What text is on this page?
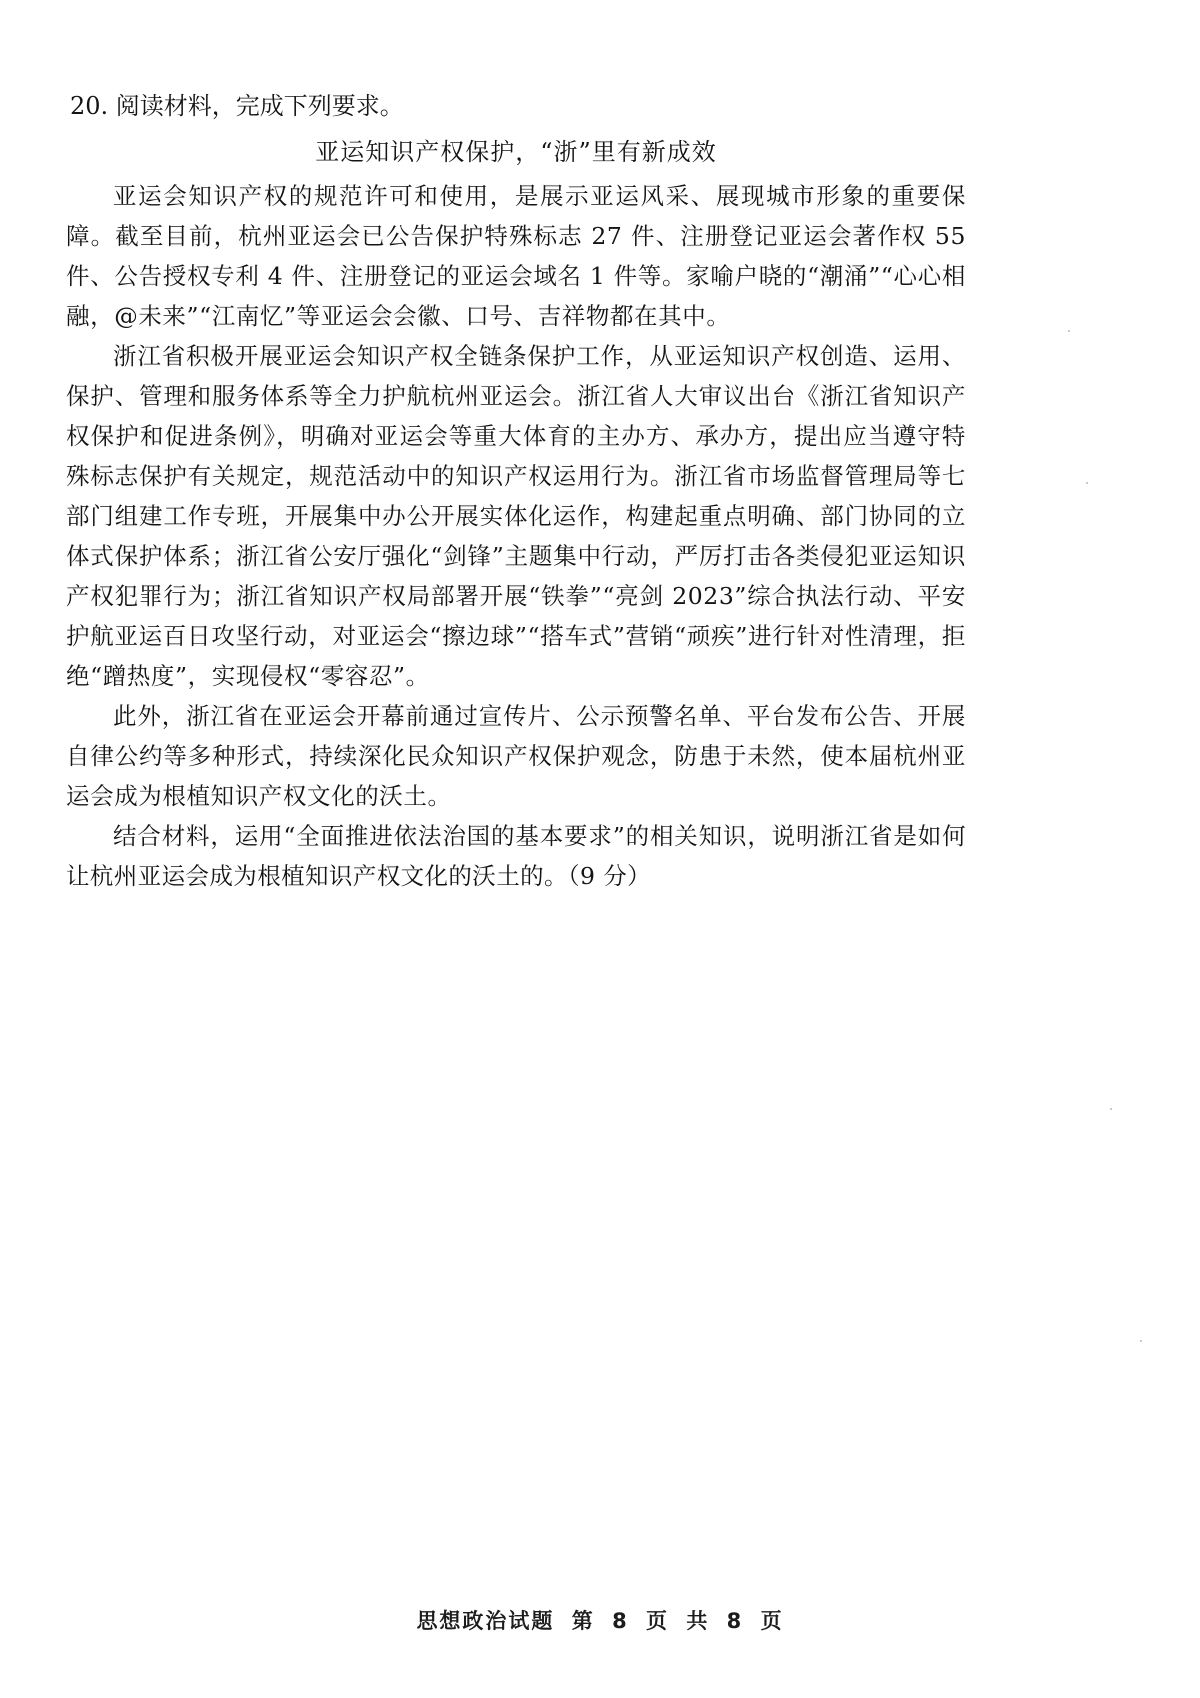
20. 阅读材料，完成下列要求。

亚运知识产权保护，“浙”里有新成效

亚运会知识产权的规范许可和使用，是展示亚运风采、展现城市形象的重要保障。截至目前，杭州亚运会已公告保护特殊标志 27 件、注册登记亚运会著作权 55 件、公告授权专利 4 件、注册登记的亚运会域名 1 件等。家喻户晓的“潮涌”“心心相融，@未来”“江南忆”等亚运会会徽、口号、吉祥物都在其中。

浙江省积极开展亚运会知识产权全链条保护工作，从亚运知识产权创造、运用、保护、管理和服务体系等全力护航杭州亚运会。浙江省人大审议出台《浙江省知识产权保护和促进条例》，明确对亚运会等重大体育的主办方、承办方，提出应当遵守特殊标志保护有关规定，规范活动中的知识产权运用行为。浙江省市场监督管理局等七部门组建工作专班，开展集中办公开展实体化运作，构建起重点明确、部门协同的立体式保护体系；浙江省公安厅强化“剑锋”主题集中行动，严厉打击各类侵犯亚运知识产权犯罪行为；浙江省知识产权局部署开展“铁拳”“亮剑 2023”综合执法行动、平安护航亚运百日攻坚行动，对亚运会“擦边球”“搭车式”营销“顽疾”进行针对性清理，拒绝“蹭热度”，实现侵权“零容忍”。

此外，浙江省在亚运会开幕前通过宣传片、公示预警名单、平台发布公告、开展自律公约等多种形式，持续深化民众知识产权保护观念，防患于未然，使本届杭州亚运会成为根植知识产权文化的沃土。

结合材料，运用“全面推进依法治国的基本要求”的相关知识，说明浙江省是如何让杭州亚运会成为根植知识产权文化的沃土的。（9 分）

思想政治试题 第 8 页 共 8 页
